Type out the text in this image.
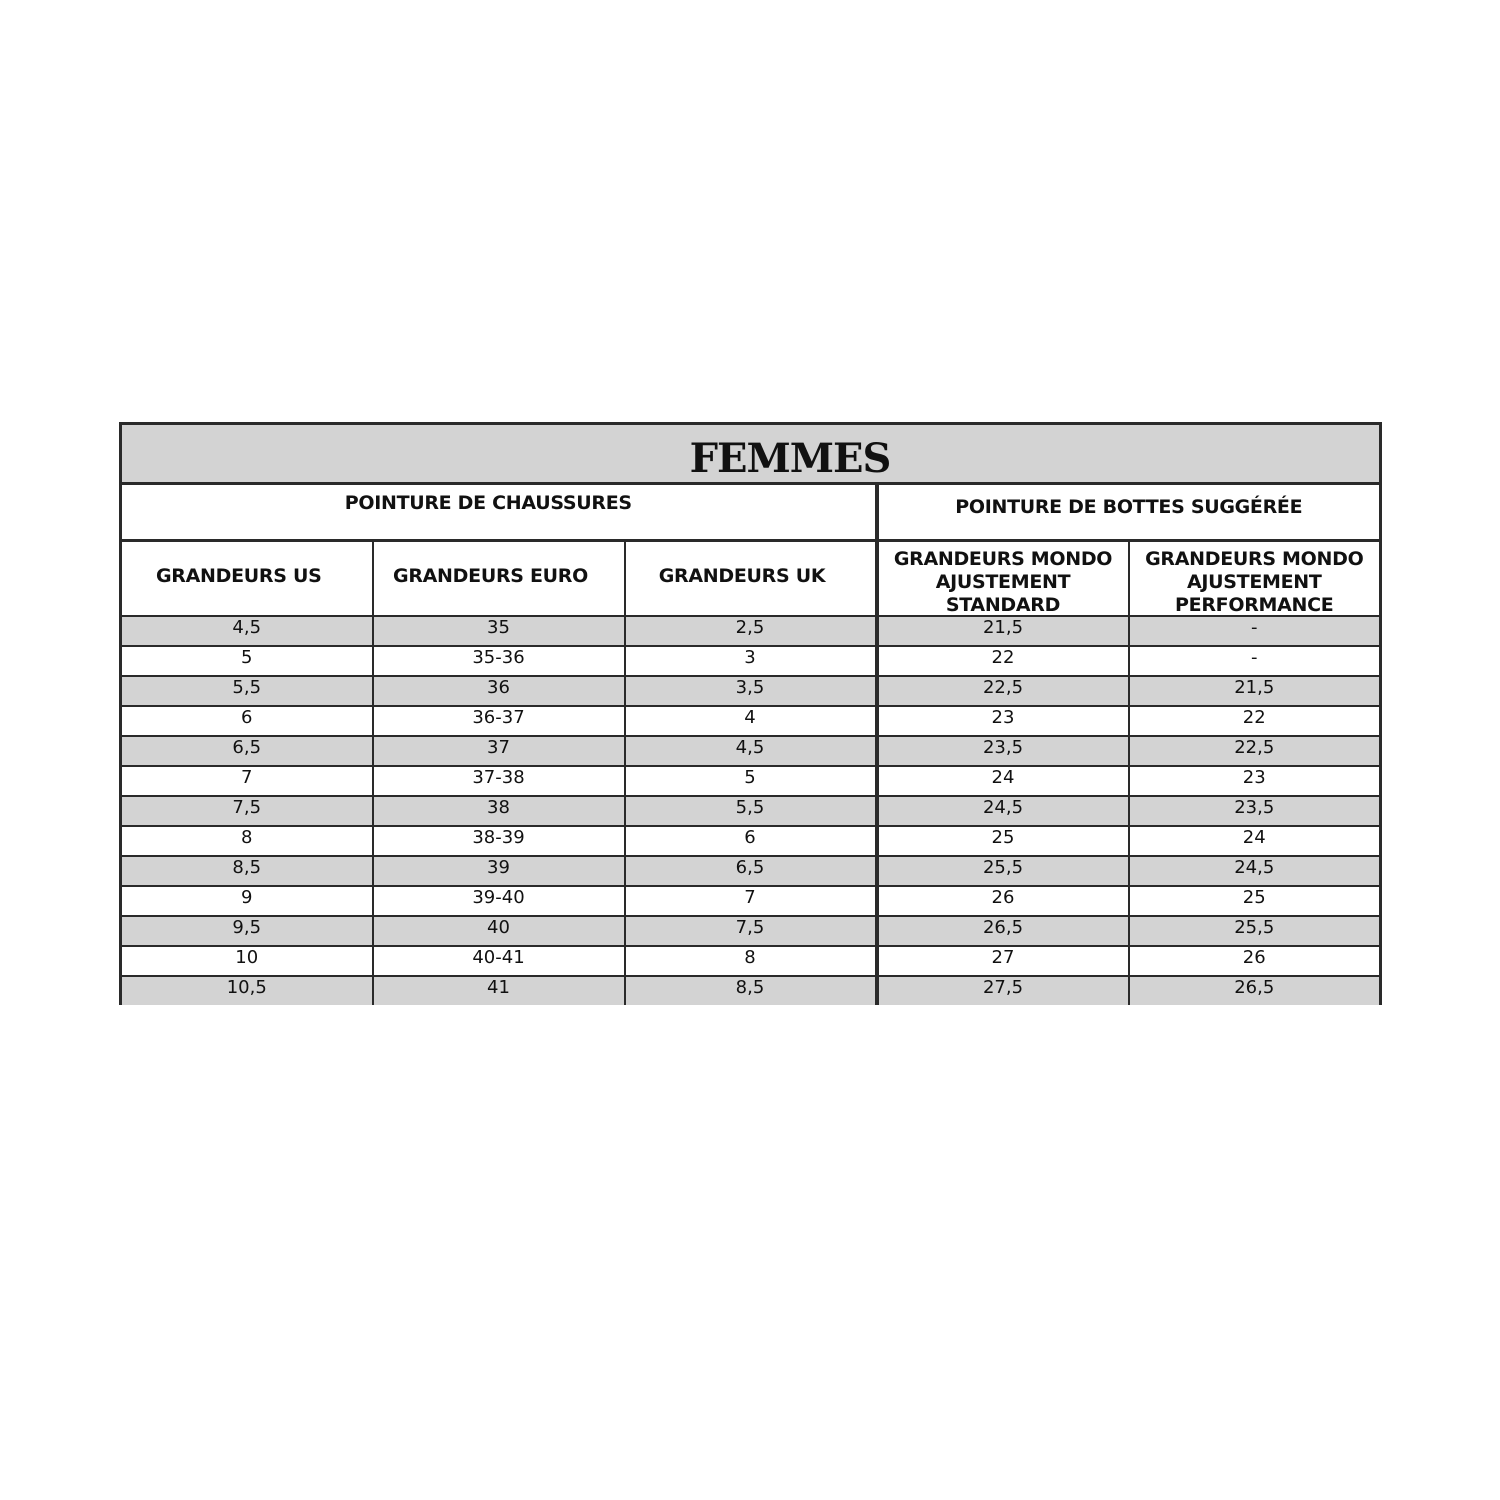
FEMMES				
POINTURE DE CHAUSSURES			POINTURE DE BOTTES SUGGÉRÉE	
GRANDEURS US	GRANDEURS EURO	GRANDEURS UK	GRANDEURS MONDO AJUSTEMENT STANDARD	GRANDEURS MONDO AJUSTEMENT PERFORMANCE
4,5	35	2,5	21,5	-
5	35-36	3	22	-
5,5	36	3,5	22,5	21,5
6	36-37	4	23	22
6,5	37	4,5	23,5	22,5
7	37-38	5	24	23
7,5	38	5,5	24,5	23,5
8	38-39	6	25	24
8,5	39	6,5	25,5	24,5
9	39-40	7	26	25
9,5	40	7,5	26,5	25,5
10	40-41	8	27	26
10,5	41	8,5	27,5	26,5
